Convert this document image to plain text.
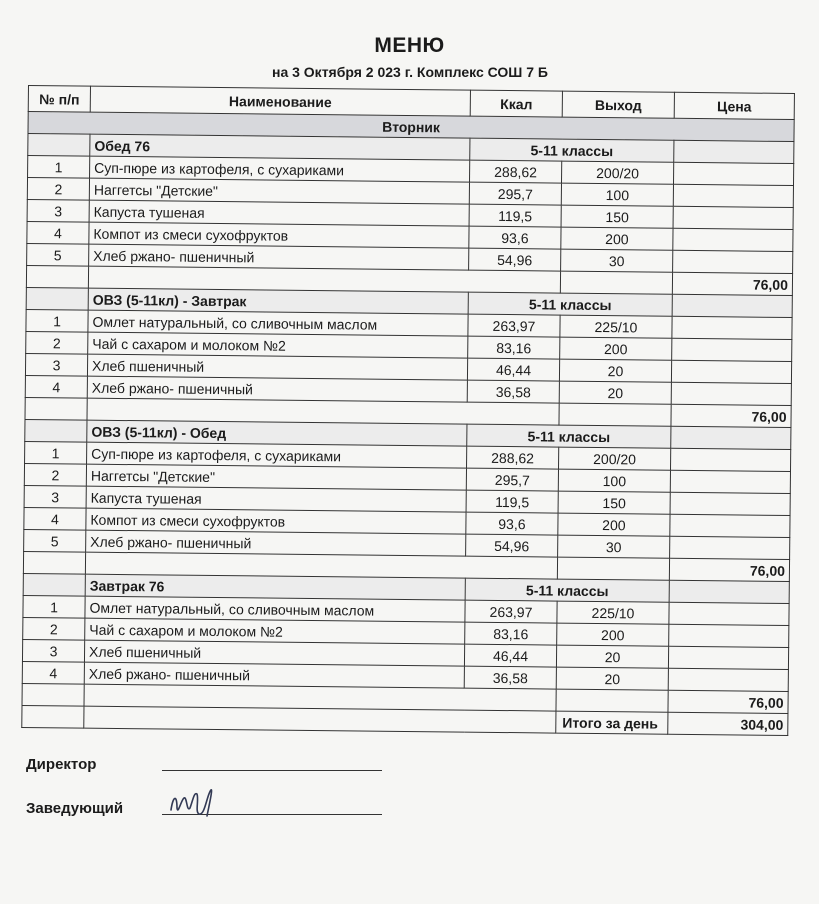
МЕНЮ
на 3 Октября 2 023 г. Комплекс СОШ 7 Б
№ п/п	Наименование	Ккал	Выход	Цена
Вторник				
	Обед 76	5-11 классы		
1	Суп-пюре из картофеля, с сухариками	288,62	200/20	
2	Наггетсы "Детские"	295,7	100	
3	Капуста тушеная	119,5	150	
4	Компот из смеси сухофруктов	93,6	200	
5	Хлеб ржано- пшеничный	54,96	30	
				76,00
	ОВЗ (5-11кл) - Завтрак	5-11 классы		
1	Омлет натуральный, со сливочным маслом	263,97	225/10	
2	Чай с сахаром и молоком №2	83,16	200	
3	Хлеб пшеничный	46,44	20	
4	Хлеб ржано- пшеничный	36,58	20	
				76,00
	ОВЗ (5-11кл) - Обед	5-11 классы		
1	Суп-пюре из картофеля, с сухариками	288,62	200/20	
2	Наггетсы "Детские"	295,7	100	
3	Капуста тушеная	119,5	150	
4	Компот из смеси сухофруктов	93,6	200	
5	Хлеб ржано- пшеничный	54,96	30	
				76,00
	Завтрак 76	5-11 классы		
1	Омлет натуральный, со сливочным маслом	263,97	225/10	
2	Чай с сахаром и молоком №2	83,16	200	
3	Хлеб пшеничный	46,44	20	
4	Хлеб ржано- пшеничный	36,58	20	
				76,00
			Итого за день	304,00
Директор
Заведующий
